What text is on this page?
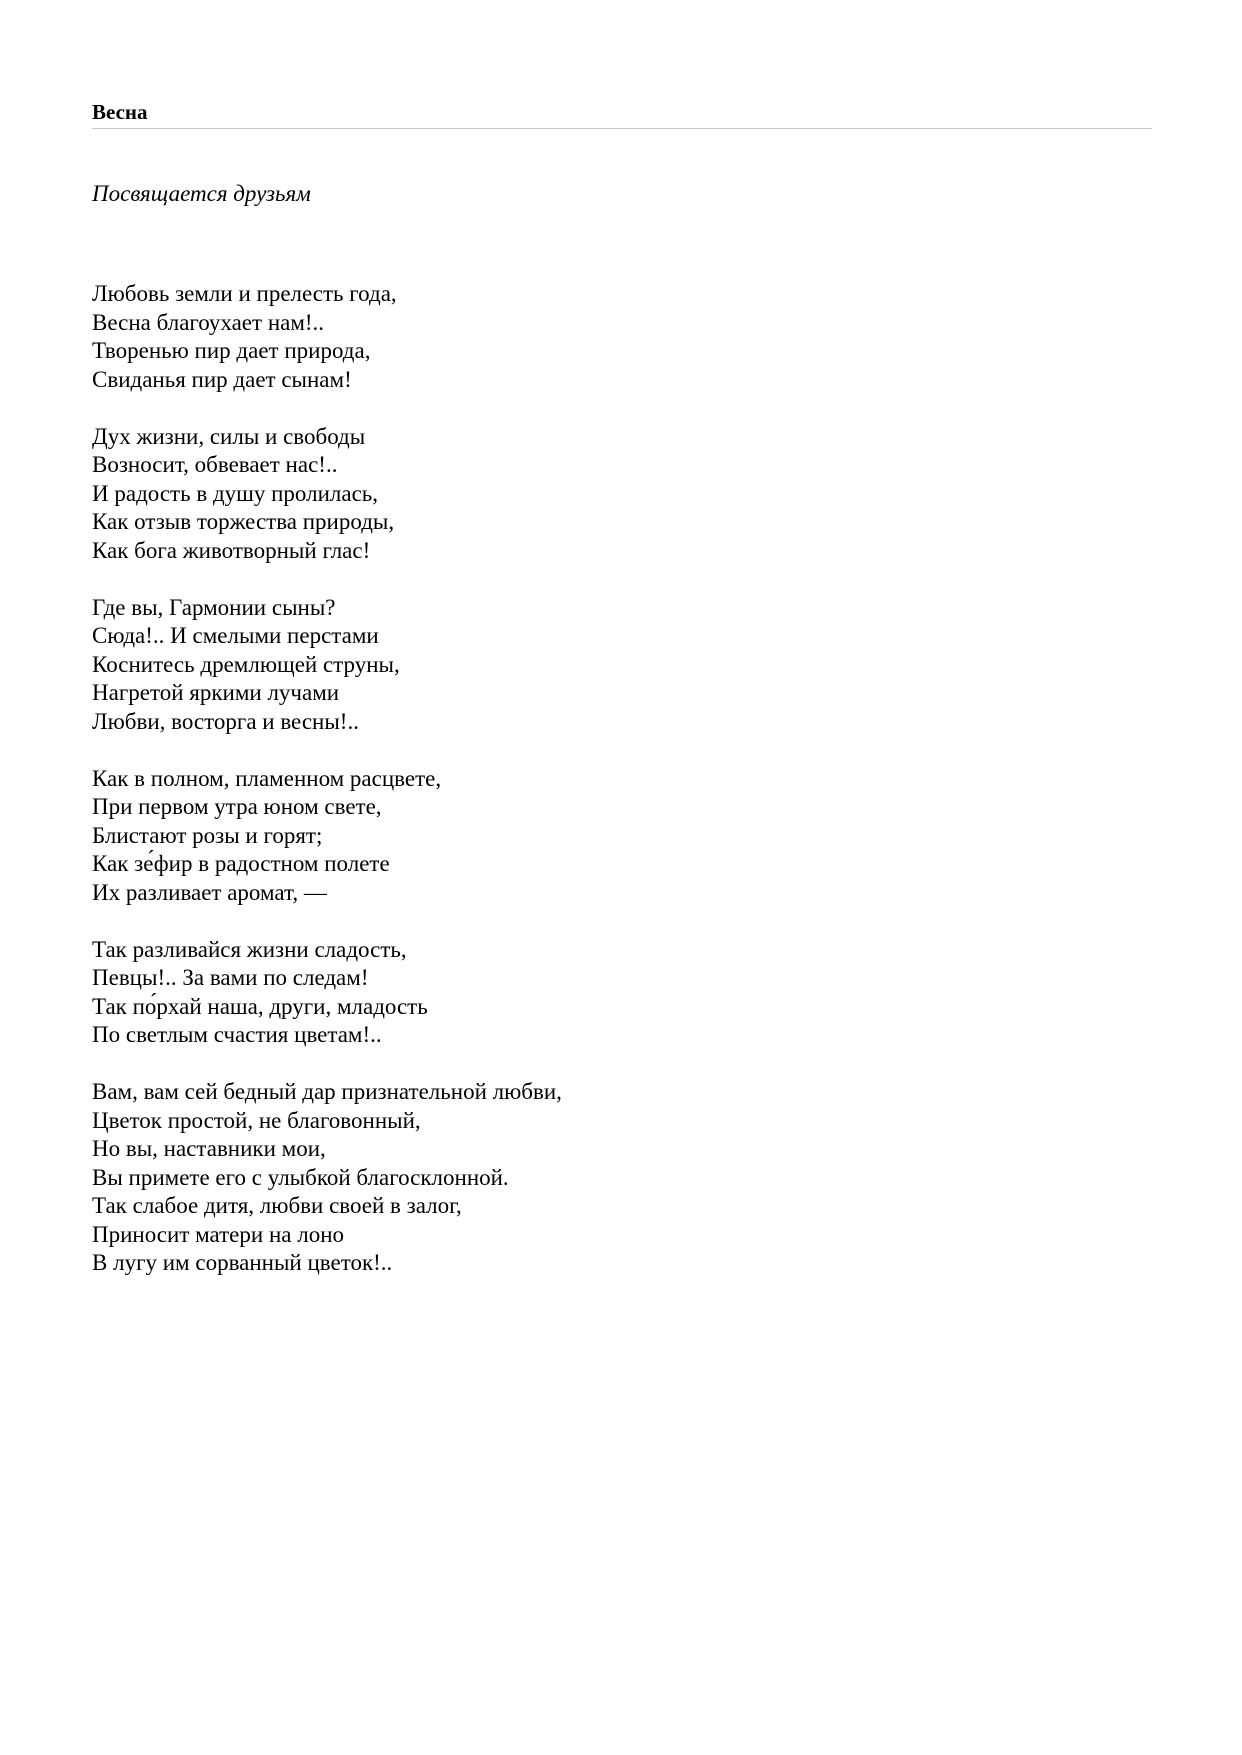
Весна

Посвящается друзьям

Любовь земли и прелесть года,
Весна благоухает нам!..
Творенью пир дает природа,
Свиданья пир дает сынам!
Дух жизни, силы и свободы
Возносит, обвевает нас!..
И радость в душу пролилась,
Как отзыв торжества природы,
Как бога животворный глас!
Где вы, Гармонии сыны?
Сюда!.. И смелыми перстами
Коснитесь дремлющей струны,
Нагретой яркими лучами
Любви, восторга и весны!..
Как в полном, пламенном расцвете,
При первом утра юном свете,
Блистают розы и горят;
Как зе́фир в радостном полете
Их разливает аромат, —
Так разливайся жизни сладость,
Певцы!.. За вами по следам!
Так по́рхай наша, други, младость
По светлым счастия цветам!..
Вам, вам сей бедный дар признательной любви,
Цветок простой, не благовонный,
Но вы, наставники мои,
Вы примете его с улыбкой благосклонной.
Так слабое дитя, любви своей в залог,
Приносит матери на лоно
В лугу им сорванный цветок!..
